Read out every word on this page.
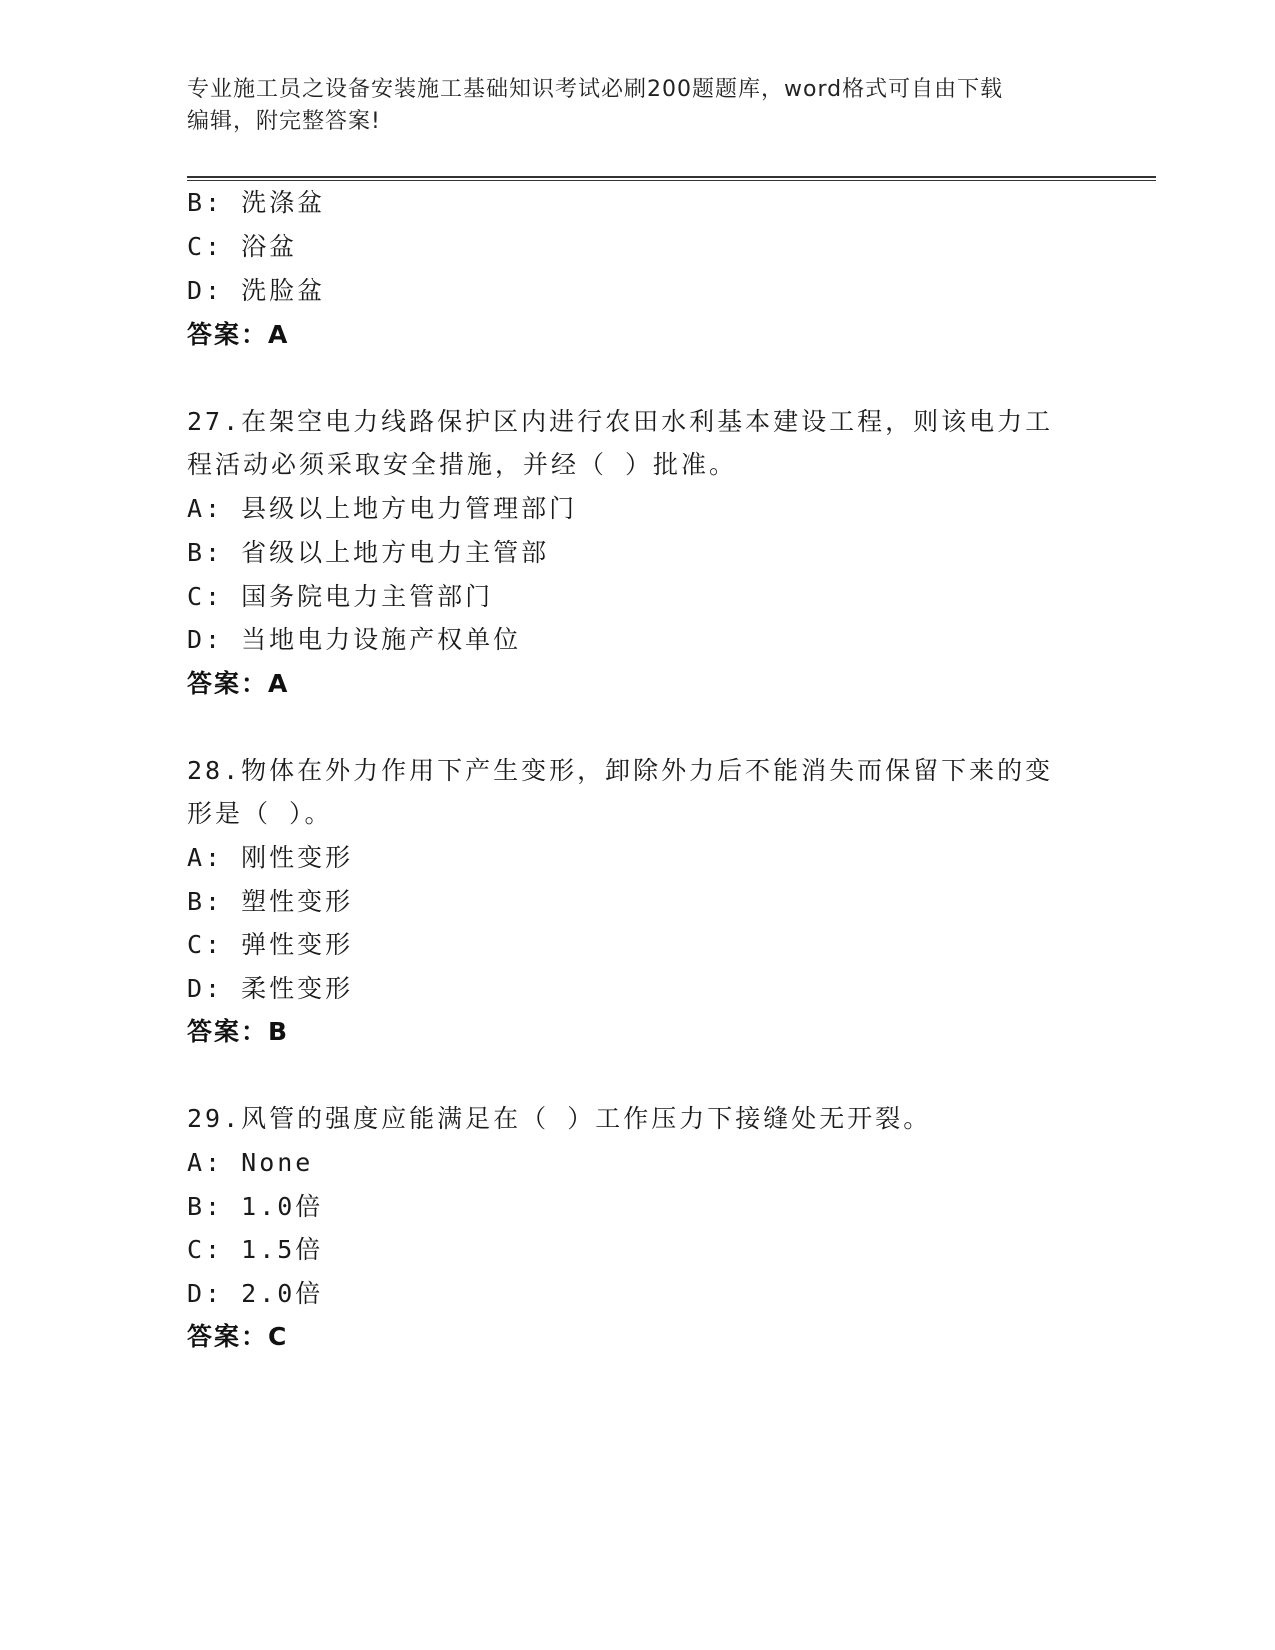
专业施工员之设备安装施工基础知识考试必刷200题题库，word格式可自由下载
编辑，附完整答案!
B: 洗涤盆
C: 浴盆
D: 洗脸盆
答案：A
27.在架空电力线路保护区内进行农田水利基本建设工程，则该电力工
程活动必须采取安全措施，并经（ ）批准。
A: 县级以上地方电力管理部门
B: 省级以上地方电力主管部
C: 国务院电力主管部门
D: 当地电力设施产权单位
答案：A
28.物体在外力作用下产生变形，卸除外力后不能消失而保留下来的变
形是（ ）。
A: 刚性变形
B: 塑性变形
C: 弹性变形
D: 柔性变形
答案：B
29.风管的强度应能满足在（ ）工作压力下接缝处无开裂。
A: None
B: 1.0倍
C: 1.5倍
D: 2.0倍
答案：C
